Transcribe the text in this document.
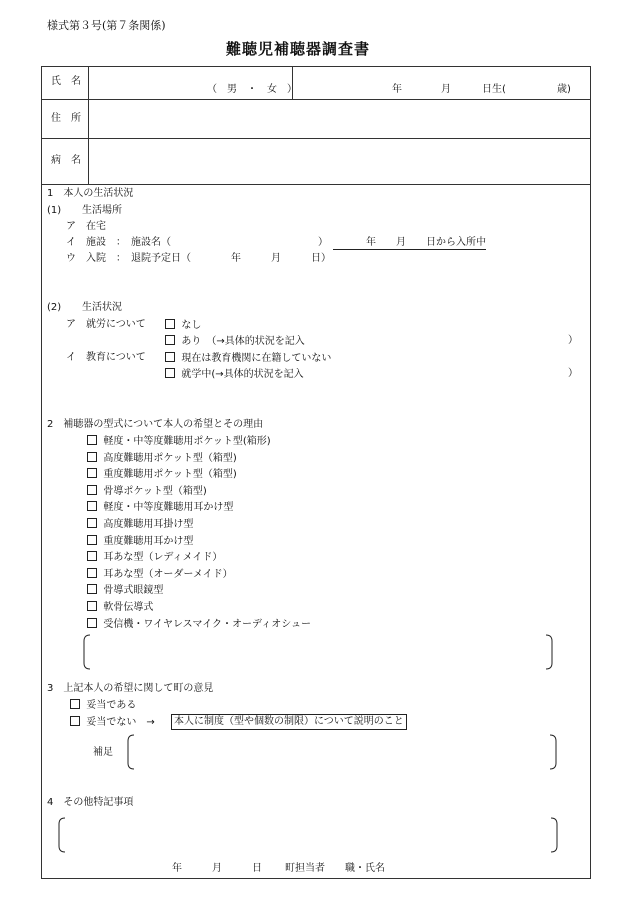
様式第３号(第７条関係)
難聴児補聴器調査書
氏　名
（　男　・　女　）	年	月	日生(	歳)
住　所
病　名
1　本人の生活状況
(1) 生活場所
ア　在宅
イ　施設　：　施設名（	）	年　　月　　日から入所中
ウ　入院　：　退院予定日（　　　　年　　　月　　　日）
(2) 生活状況
ア　就労について	なし
あり　（→具体的状況を記入	）
イ　教育について	現在は教育機関に在籍していない
就学中(→具体的状況を記入	）
2　補聴器の型式について本人の希望とその理由
軽度・中等度難聴用ポケット型(箱形)
高度難聴用ポケット型（箱型)
重度難聴用ポケット型（箱型)
骨導ポケット型（箱型)
軽度・中等度難聴用耳かけ型
高度難聴用耳掛け型
重度難聴用耳かけ型
耳あな型（レディメイド）
耳あな型（オーダーメイド）
骨導式眼鏡型
軟骨伝導式
受信機・ワイヤレスマイク・オーディオシュー
3　上記本人の希望に関して町の意見
妥当である
妥当でない　→	本人に制度（型や個数の制限）について説明のこと
補足
4　その他特記事項
年　　　月　　　日 町担当者　　職・氏名
